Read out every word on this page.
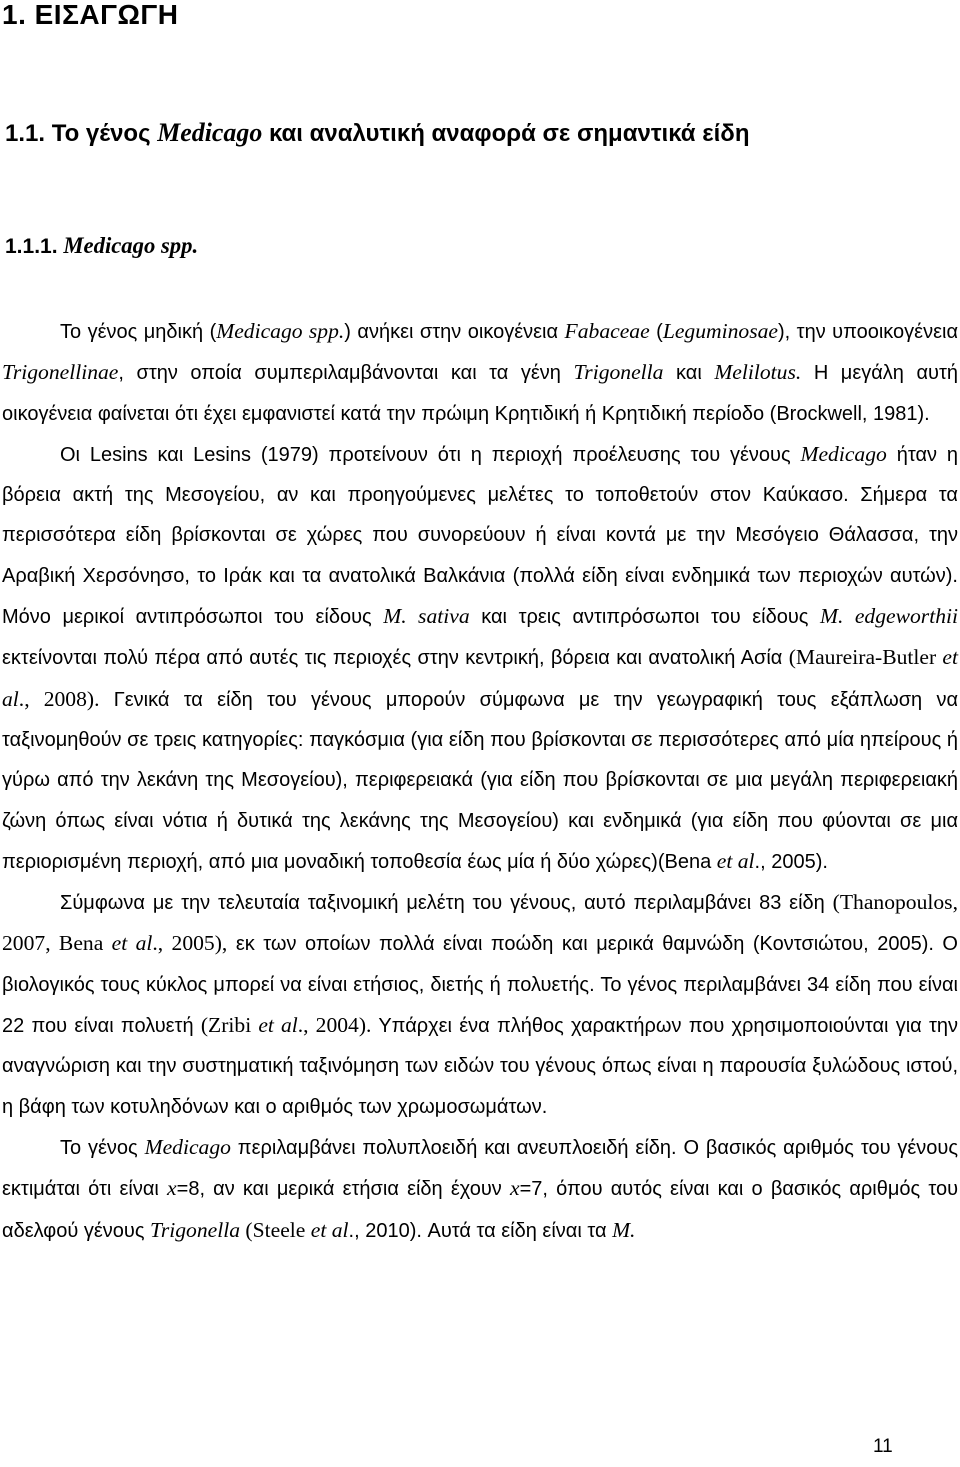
1. ΕΙΣΑΓΩΓΗ
1.1. Το γένος Medicago και αναλυτική αναφορά σε σημαντικά είδη
1.1.1. Medicago spp.

Το γένος μηδική (Medicago spp.) ανήκει στην οικογένεια Fabaceae (Leguminosae), την υποοικογένεια Trigonellinae, στην οποία συμπεριλαμβάνονται και τα γένη Trigonella και Melilotus. Η μεγάλη αυτή οικογένεια φαίνεται ότι έχει εμφανιστεί κατά την πρώιμη Κρητιδική ή Κρητιδική περίοδο (Brockwell, 1981).

Οι Lesins και Lesins (1979) προτείνουν ότι η περιοχή προέλευσης του γένους Medicago ήταν η βόρεια ακτή της Μεσογείου, αν και προηγούμενες μελέτες το τοποθετούν στον Καύκασο. Σήμερα τα περισσότερα είδη βρίσκονται σε χώρες που συνορεύουν ή είναι κοντά με την Μεσόγειο Θάλασσα, την Αραβική Χερσόνησο, το Ιράκ και τα ανατολικά Βαλκάνια (πολλά είδη είναι ενδημικά των περιοχών αυτών). Μόνο μερικοί αντιπρόσωποι του είδους M. sativa και τρεις αντιπρόσωποι του είδους M. edgeworthii εκτείνονται πολύ πέρα από αυτές τις περιοχές στην κεντρική, βόρεια και ανατολική Ασία (Maureira-Butler et al., 2008). Γενικά τα είδη του γένους μπορούν σύμφωνα με την γεωγραφική τους εξάπλωση να ταξινομηθούν σε τρεις κατηγορίες: παγκόσμια (για είδη που βρίσκονται σε περισσότερες από μία ηπείρους ή γύρω από την λεκάνη της Μεσογείου), περιφερειακά (για είδη που βρίσκονται σε μια μεγάλη περιφερειακή ζώνη όπως είναι νότια ή δυτικά της λεκάνης της Μεσογείου) και ενδημικά (για είδη που φύονται σε μια περιορισμένη περιοχή, από μια μοναδική τοποθεσία έως μία ή δύο χώρες)(Bena et al., 2005).

Σύμφωνα με την τελευταία ταξινομική μελέτη του γένους, αυτό περιλαμβάνει 83 είδη (Thanopoulos, 2007, Bena et al., 2005), εκ των οποίων πολλά είναι ποώδη και μερικά θαμνώδη (Κοντσιώτου, 2005). Ο βιολογικός τους κύκλος μπορεί να είναι ετήσιος, διετής ή πολυετής. Το γένος περιλαμβάνει 34 είδη που είναι 22 που είναι πολυετή (Zribi et al., 2004). Υπάρχει ένα πλήθος χαρακτήρων που χρησιμοποιούνται για την αναγνώριση και την συστηματική ταξινόμηση των ειδών του γένους όπως είναι η παρουσία ξυλώδους ιστού, η βάφη των κοτυληδόνων και ο αριθμός των χρωμοσωμάτων.

Το γένος Medicago περιλαμβάνει πολυπλοειδή και ανευπλοειδή είδη. Ο βασικός αριθμός του γένους εκτιμάται ότι είναι x=8, αν και μερικά ετήσια είδη έχουν x=7, όπου αυτός είναι και ο βασικός αριθμός του αδελφού γένους Trigonella (Steele et al., 2010). Αυτά τα είδη είναι τα M.

11
